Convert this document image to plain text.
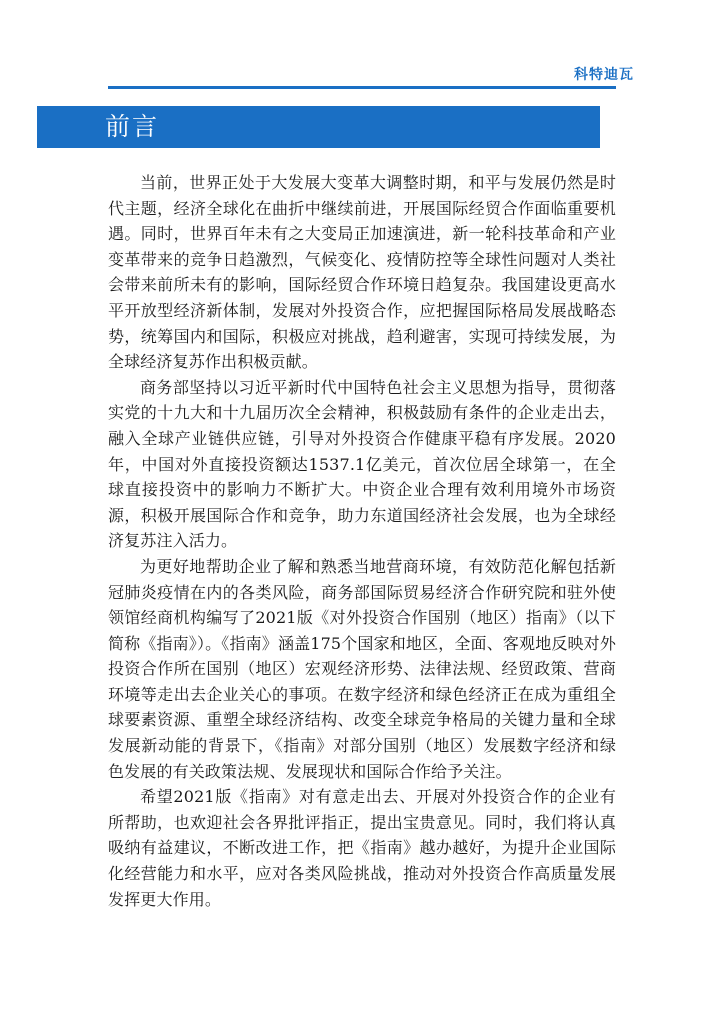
科特迪瓦
前言

当前，世界正处于大发展大变革大调整时期，和平与发展仍然是时代主题，经济全球化在曲折中继续前进，开展国际经贸合作面临重要机遇。同时，世界百年未有之大变局正加速演进，新一轮科技革命和产业变革带来的竞争日趋激烈，气候变化、疫情防控等全球性问题对人类社会带来前所未有的影响，国际经贸合作环境日趋复杂。我国建设更高水平开放型经济新体制，发展对外投资合作，应把握国际格局发展战略态势，统筹国内和国际，积极应对挑战，趋利避害，实现可持续发展，为全球经济复苏作出积极贡献。

商务部坚持以习近平新时代中国特色社会主义思想为指导，贯彻落实党的十九大和十九届历次全会精神，积极鼓励有条件的企业走出去，融入全球产业链供应链，引导对外投资合作健康平稳有序发展。2020年，中国对外直接投资额达1537.1亿美元，首次位居全球第一，在全球直接投资中的影响力不断扩大。中资企业合理有效利用境外市场资源，积极开展国际合作和竞争，助力东道国经济社会发展，也为全球经济复苏注入活力。

为更好地帮助企业了解和熟悉当地营商环境，有效防范化解包括新冠肺炎疫情在内的各类风险，商务部国际贸易经济合作研究院和驻外使领馆经商机构编写了2021版《对外投资合作国别（地区）指南》（以下简称《指南》）。《指南》涵盖175个国家和地区，全面、客观地反映对外投资合作所在国别（地区）宏观经济形势、法律法规、经贸政策、营商环境等走出去企业关心的事项。在数字经济和绿色经济正在成为重组全球要素资源、重塑全球经济结构、改变全球竞争格局的关键力量和全球发展新动能的背景下，《指南》对部分国别（地区）发展数字经济和绿色发展的有关政策法规、发展现状和国际合作给予关注。

希望2021版《指南》对有意走出去、开展对外投资合作的企业有所帮助，也欢迎社会各界批评指正，提出宝贵意见。同时，我们将认真吸纳有益建议，不断改进工作，把《指南》越办越好，为提升企业国际化经营能力和水平，应对各类风险挑战，推动对外投资合作高质量发展发挥更大作用。
